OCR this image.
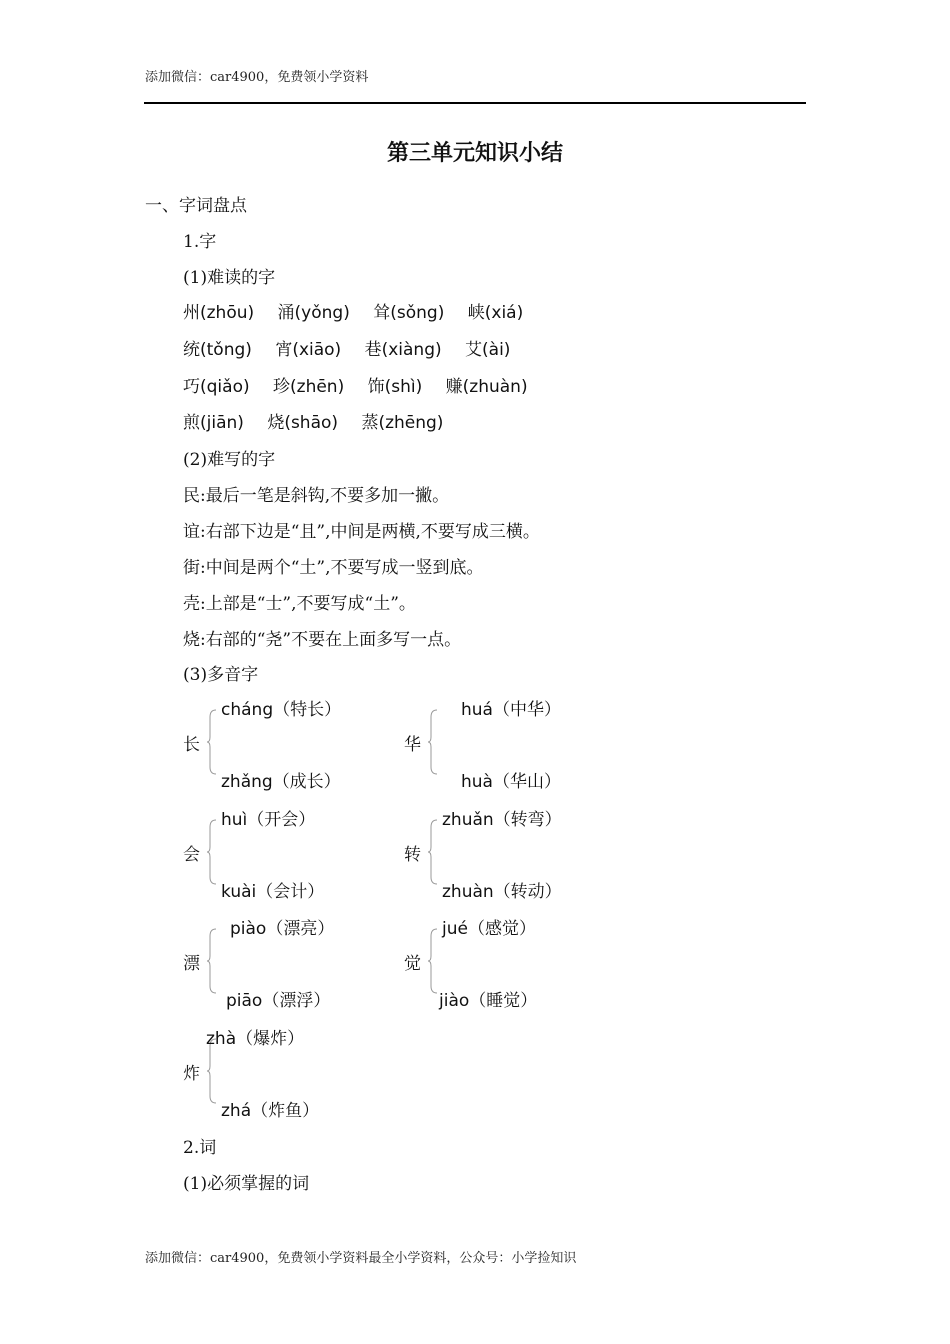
添加微信：car4900，免费领小学资料
第三单元知识小结
一、字词盘点
1.字
(1)难读的字
州(zhōu) 涌(yǒng) 耸(sǒng) 峡(xiá)
统(tǒng) 宵(xiāo) 巷(xiàng) 艾(ài)
巧(qiǎo) 珍(zhēn) 饰(shì) 赚(zhuàn)
煎(jiān) 烧(shāo) 蒸(zhēng)
(2)难写的字
民:最后一笔是斜钩,不要多加一撇。
谊:右部下边是“且”,中间是两横,不要写成三横。
街:中间是两个“土”,不要写成一竖到底。
壳:上部是“士”,不要写成“土”。
烧:右部的“尧”不要在上面多写一点。
(3)多音字
长
cháng（特长）
zhǎng（成长）
华
huá（中华）
huà（华山）
会
huì（开会）
kuài（会计）
转
zhuǎn（转弯）
zhuàn（转动）
漂
piào（漂亮）
piāo（漂浮）
觉
jué（感觉）
jiào（睡觉）
炸
zhà（爆炸）
zhá（炸鱼）
2.词
(1)必须掌握的词
添加微信：car4900，免费领小学资料最全小学资料，公众号：小学捡知识
